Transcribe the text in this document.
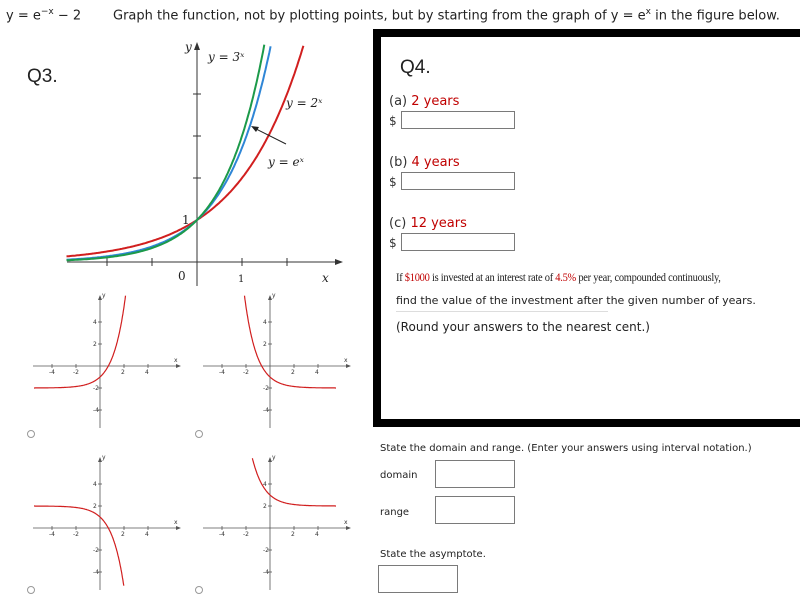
$y = e^{-x} - 2$ Graph the function, not by plotting points, but by starting from the graph of $y = e^x$ in the figure below.
Q3.
y
x
y = 3ˣ
y = 2ˣ
y = eˣ
1
0	1
-4	-2	2	4
4
2
-2
-4
y
x
-4	-2	2	4
4
2
-2
-4
y
x
-4	-2	2	4
4
2
-2
-4
y
x
-4	-2	2	4
4
2
-2
-4
y
x
Q4.
(a) 2 years
$
(b) 4 years
$
(c) 12 years
$
If $1000 is invested at an interest rate of 4.5% per year, compounded continuously,
find the value of the investment after the given number of years.
(Round your answers to the nearest cent.)
State the domain and range. (Enter your answers using interval notation.)
domain
range
State the asymptote.
